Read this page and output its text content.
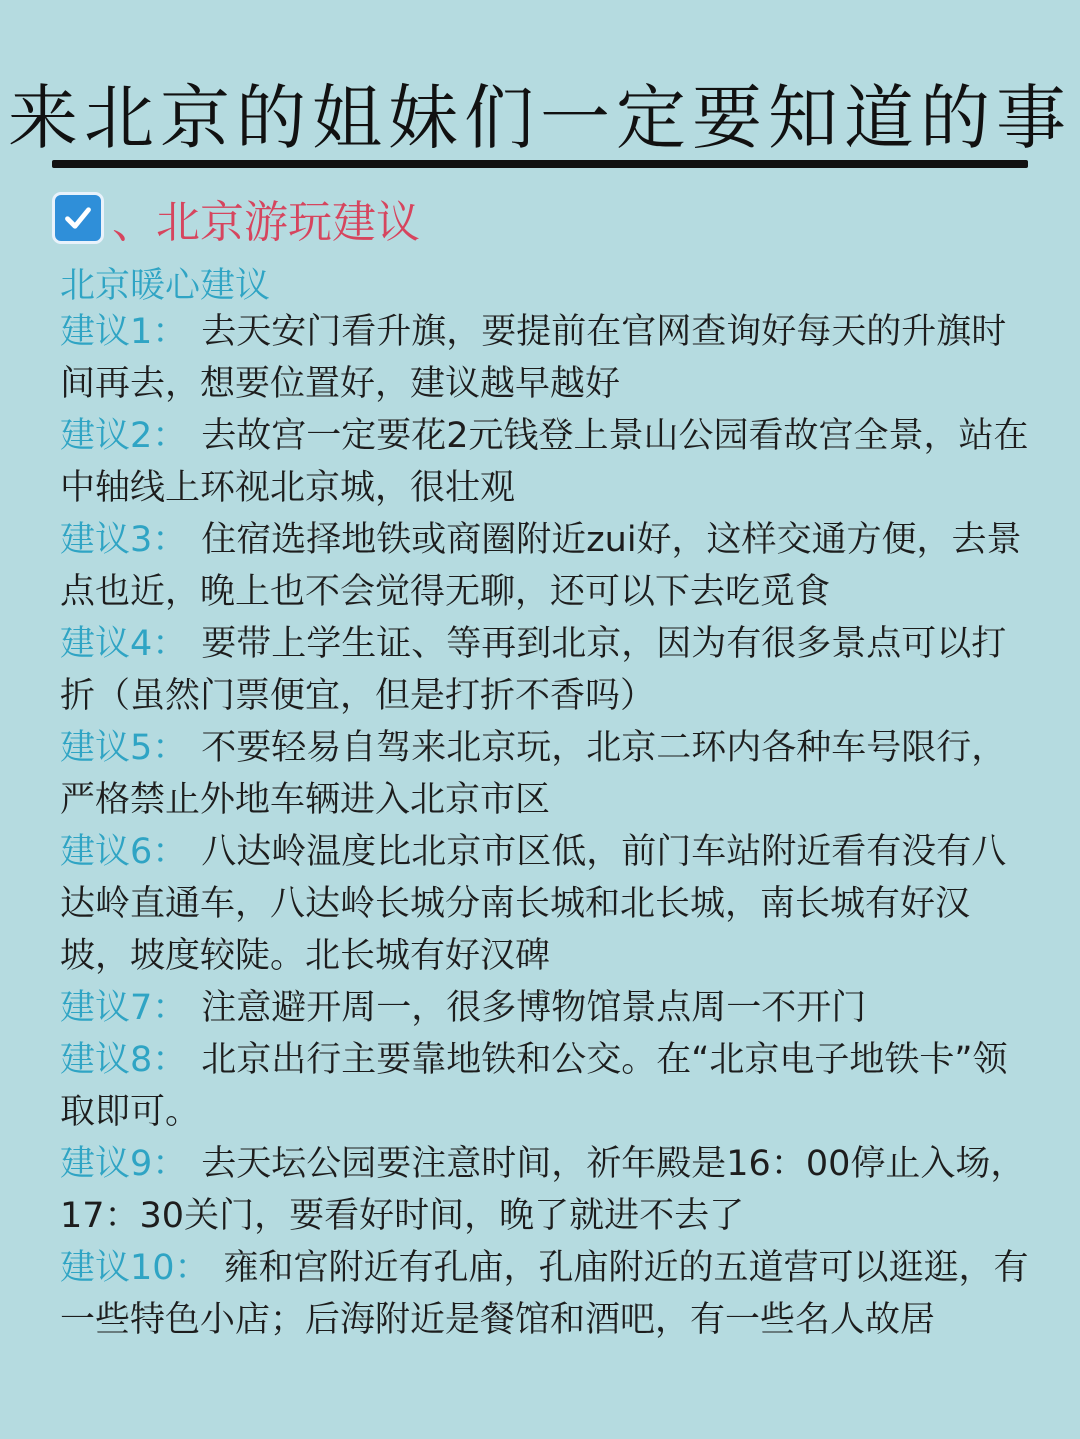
来北京的姐妹们一定要知道的事
、北京游玩建议
北京暖心建议

建议1： 去天安门看升旗，要提前在官网查询好每天的升旗时间再去，想要位置好，建议越早越好

建议2： 去故宫一定要花2元钱登上景山公园看故宫全景，站在中轴线上环视北京城，很壮观

建议3： 住宿选择地铁或商圈附近zui好，这样交通方便，去景点也近，晚上也不会觉得无聊，还可以下去吃觅食

建议4： 要带上学生证、等再到北京，因为有很多景点可以打折（虽然门票便宜，但是打折不香吗）

建议5： 不要轻易自驾来北京玩，北京二环内各种车号限行，严格禁止外地车辆进入北京市区

建议6： 八达岭温度比北京市区低，前门车站附近看有没有八达岭直通车，八达岭长城分南长城和北长城，南长城有好汉坡，坡度较陡。北长城有好汉碑

建议7： 注意避开周一，很多博物馆景点周一不开门

建议8： 北京出行主要靠地铁和公交。在“北京电子地铁卡”领取即可。

建议9： 去天坛公园要注意时间，祈年殿是16：00停止入场，17：30关门，要看好时间，晚了就进不去了

建议10： 雍和宫附近有孔庙，孔庙附近的五道营可以逛逛，有一些特色小店；后海附近是餐馆和酒吧，有一些名人故居
